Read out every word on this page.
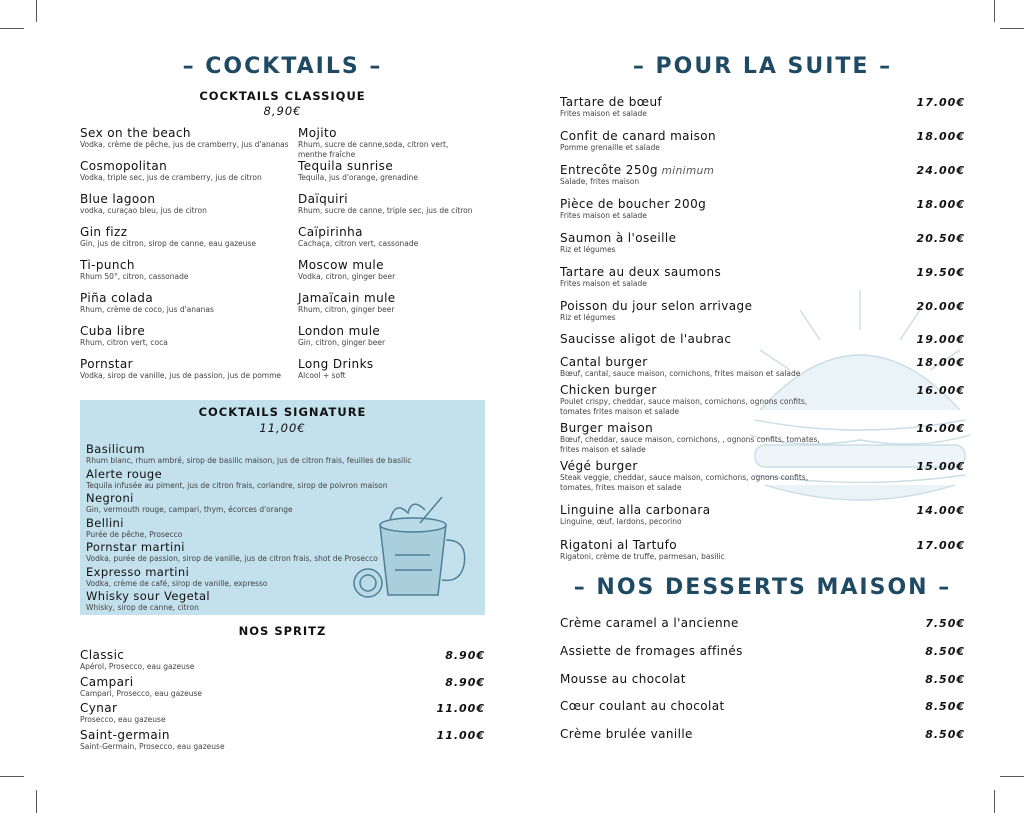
– COCKTAILS –
COCKTAILS CLASSIQUE
8,90€
Sex on the beach
Vodka, crème de pêche, jus de cramberry, jus d'ananas
Cosmopolitan
Vodka, triple sec, jus de cramberry, jus de citron
Blue lagoon
vodka, curaçao bleu, jus de citron
Gin fizz
Gin, jus de citron, sirop de canne, eau gazeuse
Ti-punch
Rhum 50°, citron, cassonade
Piña colada
Rhum, crème de coco, jus d'ananas
Cuba libre
Rhum, citron vert, coca
Pornstar
Vodka, sirop de vanille, jus de passion, jus de pomme
Mojito
Rhum, sucre de canne,soda, citron vert, menthe fraîche
Tequila sunrise
Tequila, jus d'orange, grenadine
Daïquiri
Rhum, sucre de canne, triple sec, jus de citron
Caïpirinha
Cachaça, citron vert, cassonade
Moscow mule
Vodka, citron, ginger beer
Jamaïcain mule
Rhum, citron, ginger beer
London mule
Gin, citron, ginger beer
Long Drinks
Alcool + soft
COCKTAILS SIGNATURE
11,00€
Basilicum
Rhum blanc, rhum ambré, sirop de basilic maison, jus de citron frais, feuilles de basilic
Alerte rouge
Tequila infusée au piment, jus de citron frais, coriandre, sirop de poivron maison
Negroni
Gin, vermouth rouge, campari, thym, écorces d'orange
Bellini
Purée de pêche, Prosecco
Pornstar martini
Vodka, purée de passion, sirop de vanille, jus de citron frais, shot de Prosecco
Expresso martini
Vodka, crème de café, sirop de vanille, expresso
Whisky sour Vegetal
Whisky, sirop de canne, citron
NOS SPRITZ
Classic
Apérol, Prosecco, eau gazeuse
8.90€
Campari
Campari, Prosecco, eau gazeuse
8.90€
Cynar
Prosecco, eau gazeuse
11.00€
Saint-germain
Saint-Germain, Prosecco, eau gazeuse
11.00€
– POUR LA SUITE –
Tartare de bœuf
Frites maison et salade
17.00€
Confit de canard maison
Pomme grenaille et salade
18.00€
Entrecôte 250g minimum
Salade, frites maison
24.00€
Pièce de boucher 200g
Frites maison et salade
18.00€
Saumon à l'oseille
Riz et légumes
20.50€
Tartare au deux saumons
Frites maison et salade
19.50€
Poisson du jour selon arrivage
Riz et légumes
20.00€
Saucisse aligot de l'aubrac	19.00€
Cantal burger
Bœuf, cantal, sauce maison, cornichons, frites maison et salade
18.00€
Chicken burger
Poulet crispy, cheddar, sauce maison, cornichons, ognons confits, tomates frites maison et salade
16.00€
Burger maison
Bœuf, cheddar, sauce maison, cornichons, , ognons confits, tomates, frites maison et salade
16.00€
Végé burger
Steak veggie, cheddar, sauce maison, cornichons, ognons confits, tomates, frites maison et salade
15.00€
Linguine alla carbonara
Linguine, œuf, lardons, pecorino
14.00€
Rigatoni al Tartufo
Rigatoni, crème de truffe, parmesan, basilic
17.00€
– NOS DESSERTS MAISON –
Crème caramel a l'ancienne	7.50€
Assiette de fromages affinés	8.50€
Mousse au chocolat	8.50€
Cœur coulant au chocolat	8.50€
Crème brulée vanille	8.50€
